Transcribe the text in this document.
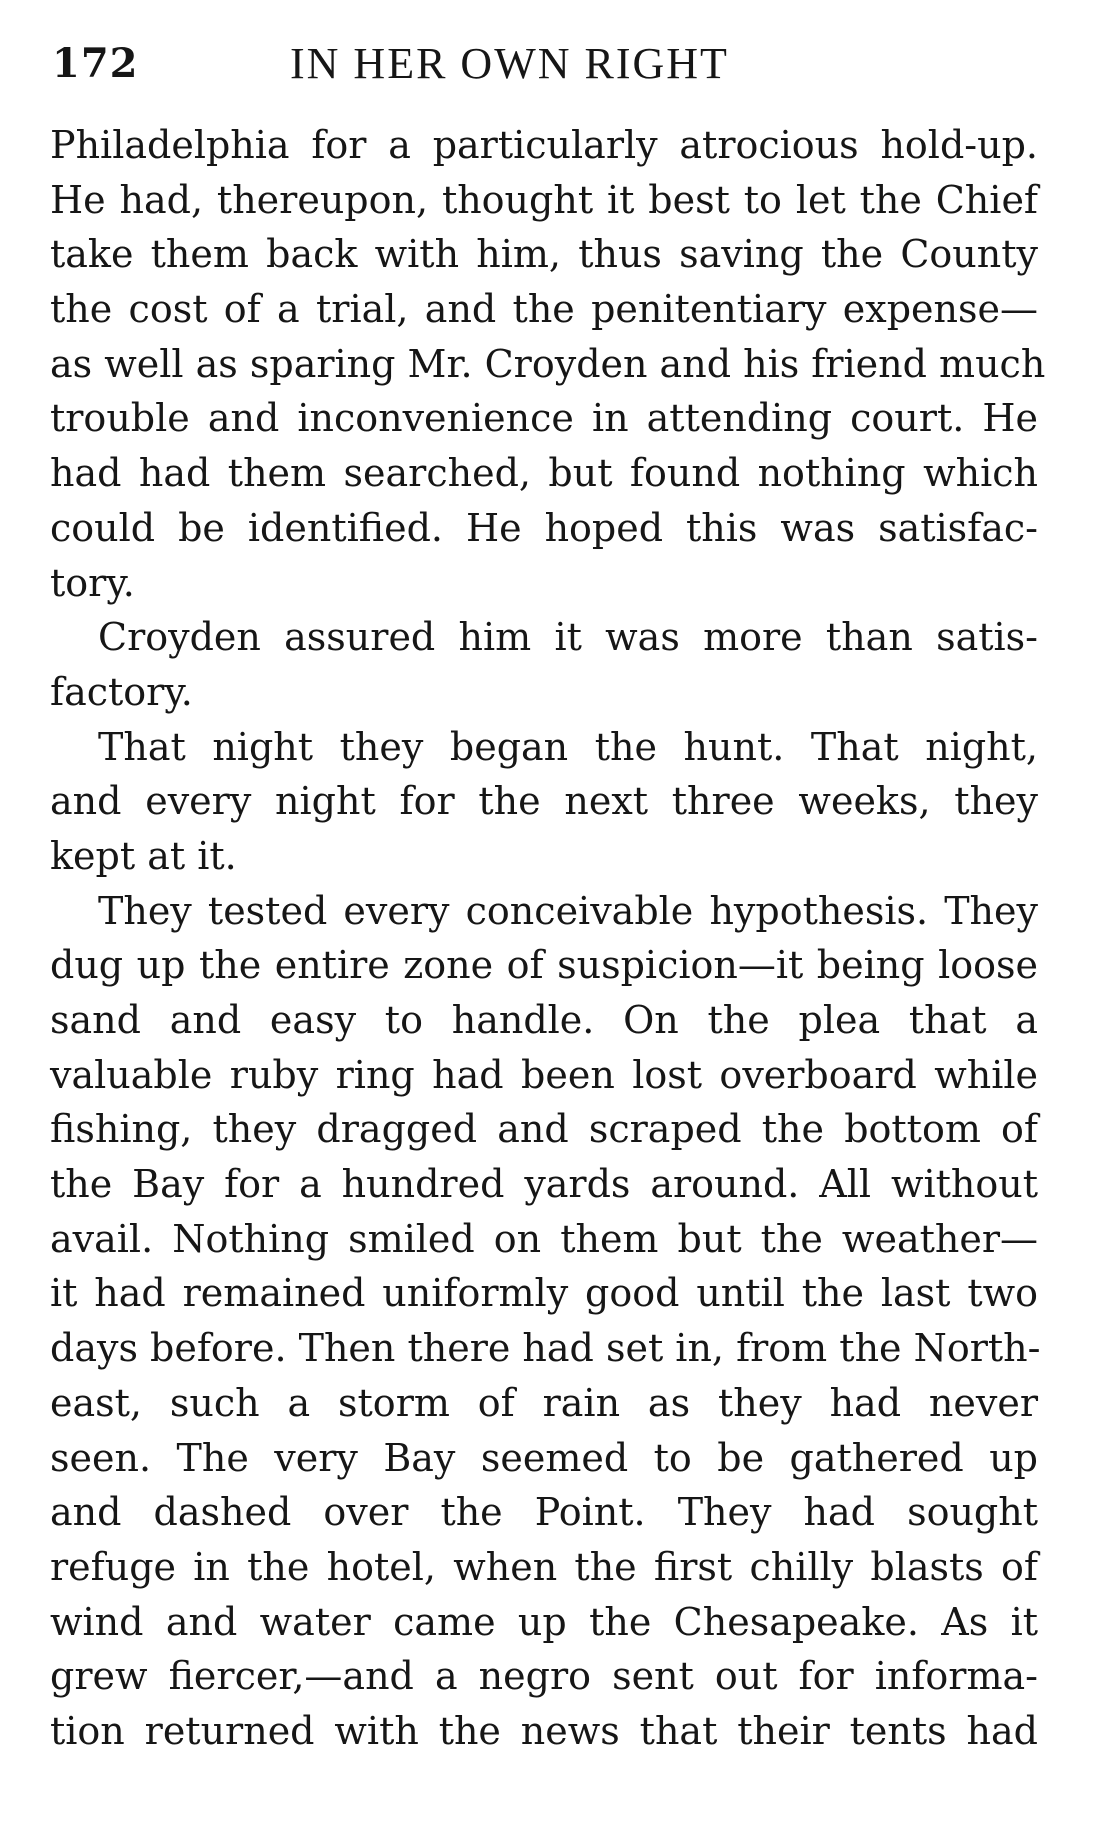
172	IN HER OWN RIGHT
Philadelphia for a particularly atrocious hold-up.
He had, thereupon, thought it best to let the Chief
take them back with him, thus saving the County
the cost of a trial, and the penitentiary expense—
as well as sparing Mr. Croyden and his friend much
trouble and inconvenience in attending court. He
had had them searched, but found nothing which
could be identified. He hoped this was satisfac-
tory.
Croyden assured him it was more than satis-
factory.
That night they began the hunt. That night,
and every night for the next three weeks, they
kept at it.
They tested every conceivable hypothesis. They
dug up the entire zone of suspicion—it being loose
sand and easy to handle. On the plea that a
valuable ruby ring had been lost overboard while
fishing, they dragged and scraped the bottom of
the Bay for a hundred yards around. All without
avail. Nothing smiled on them but the weather—
it had remained uniformly good until the last two
days before. Then there had set in, from the North-
east, such a storm of rain as they had never
seen. The very Bay seemed to be gathered up
and dashed over the Point. They had sought
refuge in the hotel, when the first chilly blasts of
wind and water came up the Chesapeake. As it
grew fiercer,—and a negro sent out for informa-
tion returned with the news that their tents had
